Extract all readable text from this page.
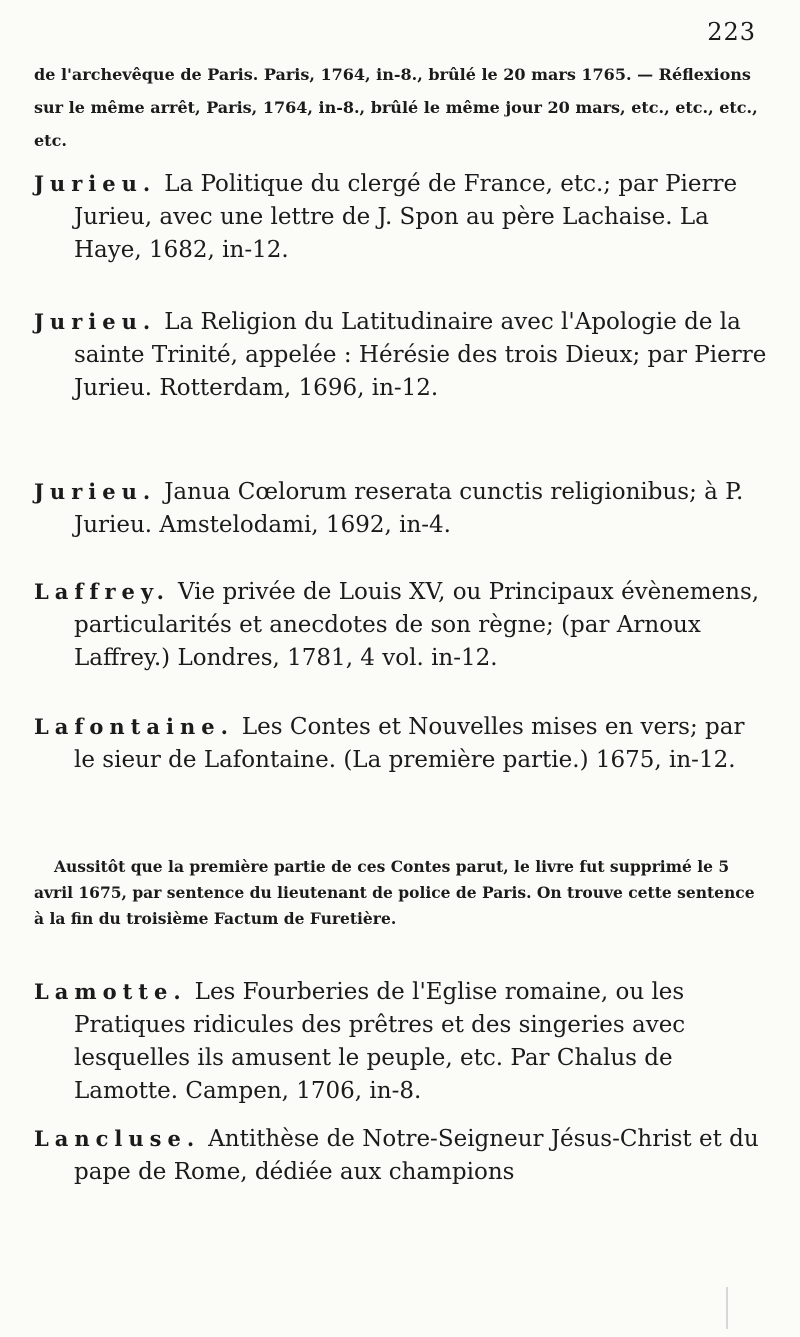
223
de l'archevêque de Paris. Paris, 1764, in-8., brûlé le 20 mars 1765. — Réflexions sur le même arrêt, Paris, 1764, in-8., brûlé le même jour 20 mars, etc., etc., etc., etc.
Jurieu. La Politique du clergé de France, etc.; par Pierre Jurieu, avec une lettre de J. Spon au père Lachaise. La Haye, 1682, in-12.
Jurieu. La Religion du Latitudinaire avec l'Apologie de la sainte Trinité, appelée : Hérésie des trois Dieux; par Pierre Jurieu. Rotterdam, 1696, in-12.
Jurieu. Janua Cœlorum reserata cunctis religionibus; à P. Jurieu. Amstelodami, 1692, in-4.
Laffrey. Vie privée de Louis XV, ou Principaux évènemens, particularités et anecdotes de son règne; (par Arnoux Laffrey.) Londres, 1781, 4 vol. in-12.
Lafontaine. Les Contes et Nouvelles mises en vers; par le sieur de Lafontaine. (La première partie.) 1675, in-12.
Aussitôt que la première partie de ces Contes parut, le livre fut supprimé le 5 avril 1675, par sentence du lieutenant de police de Paris. On trouve cette sentence à la fin du troisième Factum de Furetière.
Lamotte. Les Fourberies de l'Eglise romaine, ou les Pratiques ridicules des prêtres et des singeries avec lesquelles ils amusent le peuple, etc. Par Chalus de Lamotte. Campen, 1706, in-8.
Lancluse. Antithèse de Notre-Seigneur Jésus-Christ et du pape de Rome, dédiée aux champions
